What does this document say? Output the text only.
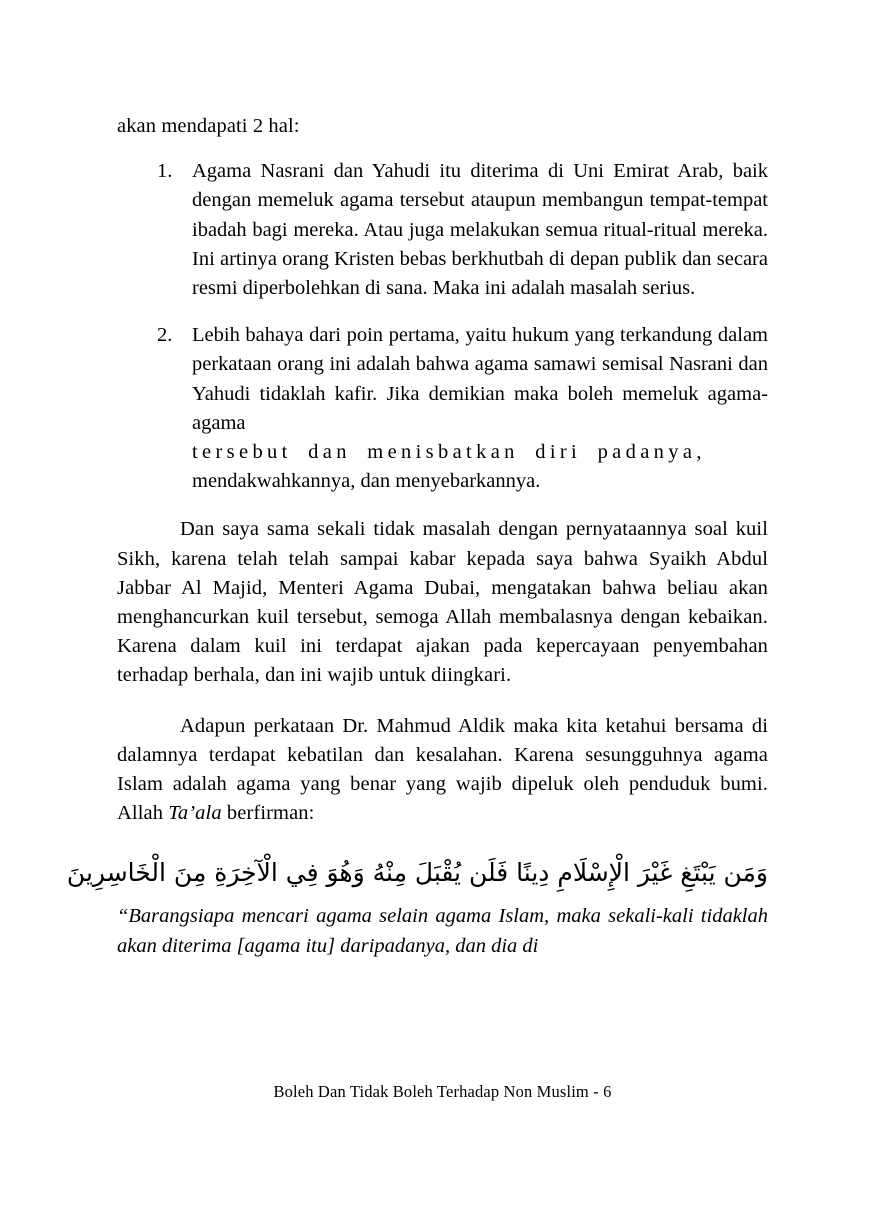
akan mendapati 2 hal:

1. Agama Nasrani dan Yahudi itu diterima di Uni Emirat Arab, baik dengan memeluk agama tersebut ataupun membangun tempat-tempat ibadah bagi mereka. Atau juga melakukan semua ritual-ritual mereka. Ini artinya orang Kristen bebas berkhutbah di depan publik dan secara resmi diperbolehkan di sana. Maka ini adalah masalah serius.
2. Lebih bahaya dari poin pertama, yaitu hukum yang terkandung dalam perkataan orang ini adalah bahwa agama samawi semisal Nasrani dan Yahudi tidaklah kafir. Jika demikian maka boleh memeluk agama-agama
tersebut dan menisbatkan diri padanya,
mendakwahkannya, dan menyebarkannya.

Dan saya sama sekali tidak masalah dengan pernyataannya soal kuil Sikh, karena telah telah sampai kabar kepada saya bahwa Syaikh Abdul Jabbar Al Majid, Menteri Agama Dubai, mengatakan bahwa beliau akan menghancurkan kuil tersebut, semoga Allah membalasnya dengan kebaikan. Karena dalam kuil ini terdapat ajakan pada kepercayaan penyembahan terhadap berhala, dan ini wajib untuk diingkari.

Adapun perkataan Dr. Mahmud Aldik maka kita ketahui bersama di dalamnya terdapat kebatilan dan kesalahan. Karena sesungguhnya agama Islam adalah agama yang benar yang wajib dipeluk oleh penduduk bumi. Allah Ta’ala berfirman:

وَمَن يَبْتَغِ غَيْرَ الْإِسْلَامِ دِينًا فَلَن يُقْبَلَ مِنْهُ وَهُوَ فِي الْآخِرَةِ مِنَ الْخَاسِرِينَ

“Barangsiapa mencari agama selain agama Islam, maka sekali-kali tidaklah akan diterima [agama itu] daripadanya, dan dia di

Boleh Dan Tidak Boleh Terhadap Non Muslim - 6
